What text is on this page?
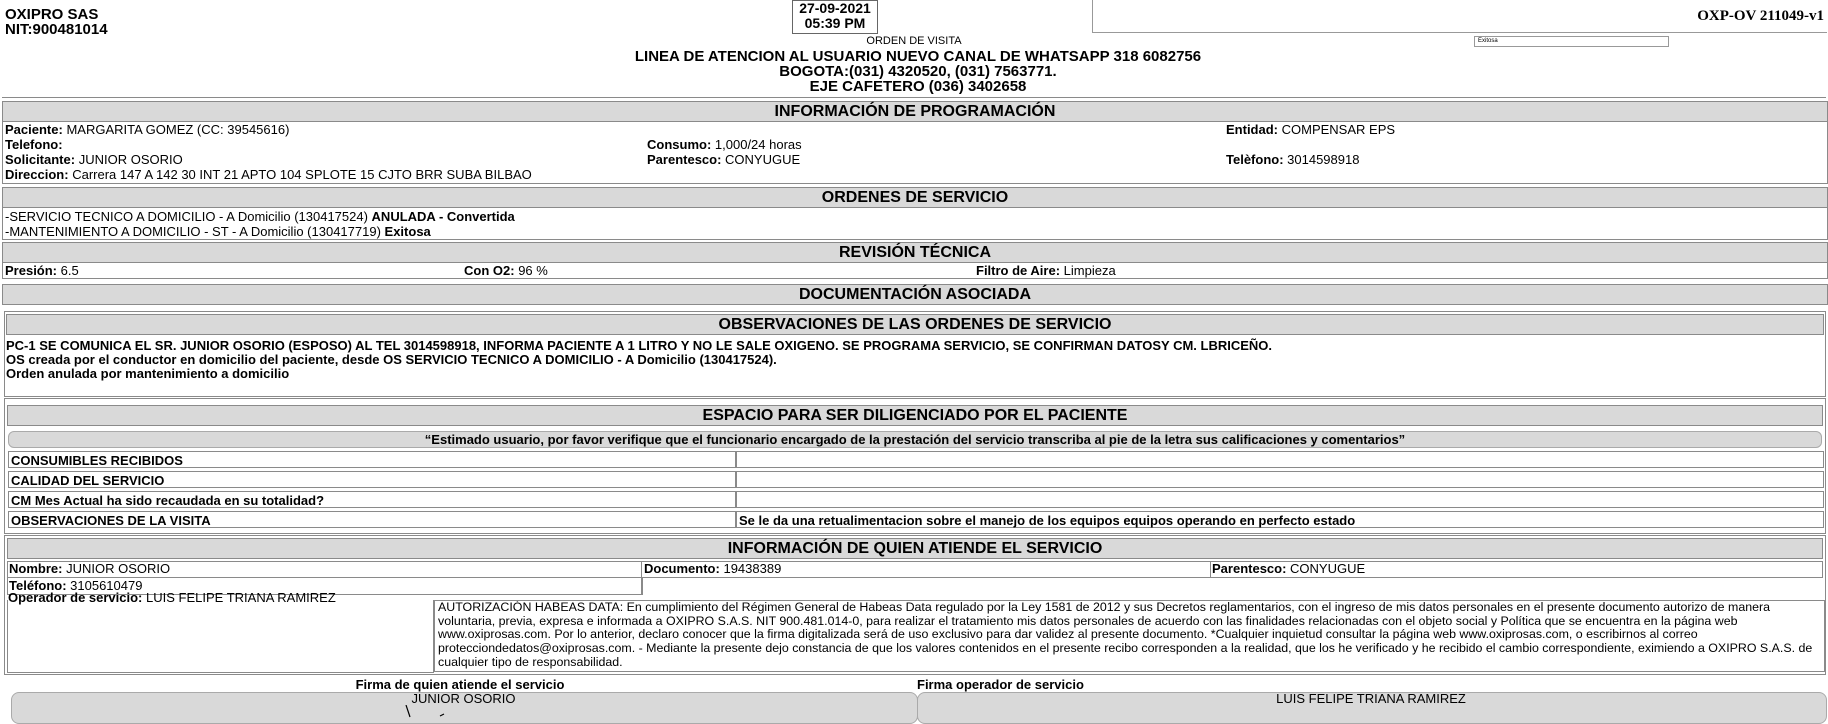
OXIPRO SAS
NIT:900481014
27-09-2021
05:39 PM	OXP-OV 211049-v1
Exitosa
ORDEN DE VISITA
LINEA DE ATENCION AL USUARIO NUEVO CANAL DE WHATSAPP 318 6082756
BOGOTA:(031) 4320520, (031) 7563771.
EJE CAFETERO (036) 3402658
INFORMACIÓN DE PROGRAMACIÓN
Paciente: MARGARITA GOMEZ (CC: 39545616)	Entidad: COMPENSAR EPS
Telefono:	Consumo: 1,000/24 horas
Solicitante: JUNIOR OSORIO	Parentesco: CONYUGUE	Telèfono: 3014598918
Direccion: Carrera 147 A 142 30 INT 21 APTO 104 SPLOTE 15 CJTO BRR SUBA BILBAO
ORDENES DE SERVICIO
-SERVICIO TECNICO A DOMICILIO - A Domicilio (130417524) ANULADA - Convertida
-MANTENIMIENTO A DOMICILIO - ST - A Domicilio (130417719) Exitosa
REVISIÓN TÉCNICA
Presión: 6.5	Con O2: 96 %	Filtro de Aire: Limpieza
DOCUMENTACIÓN ASOCIADA
OBSERVACIONES DE LAS ORDENES DE SERVICIO
PC-1 SE COMUNICA EL SR. JUNIOR OSORIO (ESPOSO) AL TEL 3014598918, INFORMA PACIENTE A 1 LITRO Y NO LE SALE OXIGENO. SE PROGRAMA SERVICIO, SE CONFIRMAN DATOSY CM. LBRICEÑO.
OS creada por el conductor en domicilio del paciente, desde OS SERVICIO TECNICO A DOMICILIO - A Domicilio (130417524).
Orden anulada por mantenimiento a domicilio
ESPACIO PARA SER DILIGENCIADO POR EL PACIENTE
“Estimado usuario, por favor verifique que el funcionario encargado de la prestación del servicio transcriba al pie de la letra sus calificaciones y comentarios”
CONSUMIBLES RECIBIDOS
CALIDAD DEL SERVICIO
CM Mes Actual ha sido recaudada en su totalidad?
OBSERVACIONES DE LA VISITA	Se le da una retualimentacion sobre el manejo de los equipos equipos operando en perfecto estado
INFORMACIÓN DE QUIEN ATIENDE EL SERVICIO
Nombre: JUNIOR OSORIO	Documento: 19438389	Parentesco: CONYUGUE
Teléfono: 3105610479
Operador de servicio: LUIS FELIPE TRIANA RAMIREZ
AUTORIZACIÓN HABEAS DATA: En cumplimiento del Régimen General de Habeas Data regulado por la Ley 1581 de 2012 y sus Decretos reglamentarios, con el ingreso de mis datos personales en el presente documento autorizo de manera voluntaria, previa, expresa e informada a OXIPRO S.A.S. NIT 900.481.014-0, para realizar el tratamiento mis datos personales de acuerdo con las finalidades relacionadas con el objeto social y Política que se encuentra en la página web www.oxiprosas.com. Por lo anterior, declaro conocer que la firma digitalizada será de uso exclusivo para dar validez al presente documento. *Cualquier inquietud consultar la página web www.oxiprosas.com, o escribirnos al correo protecciondedatos@oxiprosas.com. - Mediante la presente dejo constancia de que los valores contenidos en el presente recibo corresponden a la realidad, que los he verificado y he recibido el cambio correspondiente, eximiendo a OXIPRO S.A.S. de cualquier tipo de responsabilidad.
Firma de quien atiende el servicio	Firma operador de servicio
JUNIOR OSORIO	LUIS FELIPE TRIANA RAMIREZ
